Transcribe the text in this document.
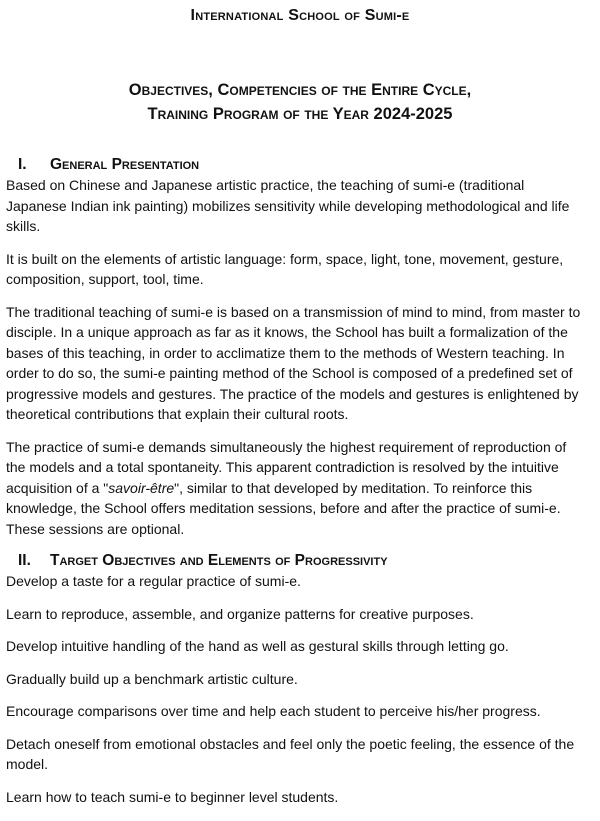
International School of Sumi-e
Objectives, Competencies of the Entire Cycle,
Training Program of the Year 2024-2025
I.	General Presentation

Based on Chinese and Japanese artistic practice, the teaching of sumi-e (traditional Japanese Indian ink painting) mobilizes sensitivity while developing methodological and life skills.

It is built on the elements of artistic language: form, space, light, tone, movement, gesture, composition, support, tool, time.

The traditional teaching of sumi-e is based on a transmission of mind to mind, from master to disciple. In a unique approach as far as it knows, the School has built a formalization of the bases of this teaching, in order to acclimatize them to the methods of Western teaching. In order to do so, the sumi-e painting method of the School is composed of a predefined set of progressive models and gestures. The practice of the models and gestures is enlightened by theoretical contributions that explain their cultural roots.

The practice of sumi-e demands simultaneously the highest requirement of reproduction of the models and a total spontaneity. This apparent contradiction is resolved by the intuitive acquisition of a "savoir-être", similar to that developed by meditation. To reinforce this knowledge, the School offers meditation sessions, before and after the practice of sumi-e. These sessions are optional.

II.	Target Objectives and Elements of Progressivity

Develop a taste for a regular practice of sumi-e.

Learn to reproduce, assemble, and organize patterns for creative purposes.

Develop intuitive handling of the hand as well as gestural skills through letting go.

Gradually build up a benchmark artistic culture.

Encourage comparisons over time and help each student to perceive his/her progress.

Detach oneself from emotional obstacles and feel only the poetic feeling, the essence of the model.

Learn how to teach sumi-e to beginner level students.
